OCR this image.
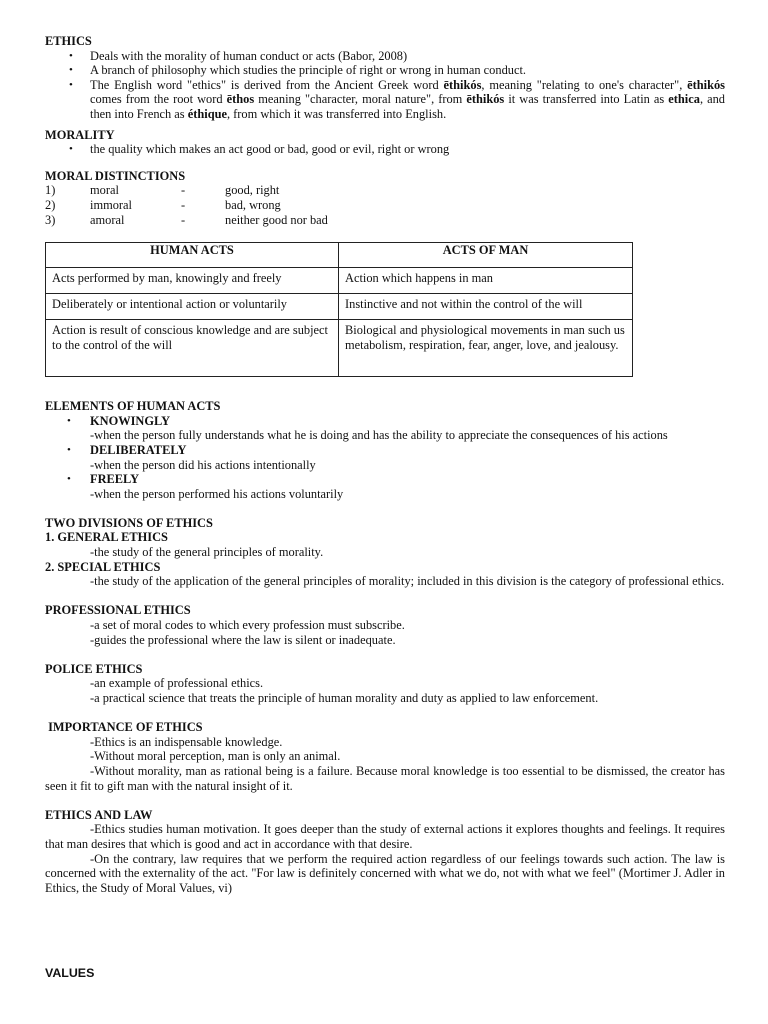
ETHICS
• Deals with the morality of human conduct or acts (Babor, 2008)
• A branch of philosophy which studies the principle of right or wrong in human conduct.
• The English word "ethics" is derived from the Ancient Greek word ēthikós, meaning "relating to one's character", ēthikós comes from the root word ēthos meaning "character, moral nature", from ēthikós it was transferred into Latin as ethica, and then into French as éthique, from which it was transferred into English.
MORALITY
• the quality which makes an act good or bad, good or evil, right or wrong
MORAL DISTINCTIONS
1)	moral	-	good, right
2)	immoral	-	bad, wrong
3)	amoral	-	neither good nor bad
HUMAN ACTS	ACTS OF MAN
Acts performed by man, knowingly and freely	Action which happens in man
Deliberately or intentional action or voluntarily	Instinctive and not within the control of the will
Action is result of conscious knowledge and are subject to the control of the will	Biological and physiological movements in man such us metabolism, respiration, fear, anger, love, and jealousy.
ELEMENTS OF HUMAN ACTS
• KNOWINGLY
-when the person fully understands what he is doing and has the ability to appreciate the consequences of his actions
• DELIBERATELY
-when the person did his actions intentionally
• FREELY
-when the person performed his actions voluntarily
TWO DIVISIONS OF ETHICS
1. GENERAL ETHICS
-the study of the general principles of morality.
2. SPECIAL ETHICS
-the study of the application of the general principles of morality; included in this division is the category of professional ethics.
PROFESSIONAL ETHICS
-a set of moral codes to which every profession must subscribe.
-guides the professional where the law is silent or inadequate.
POLICE ETHICS
-an example of professional ethics.
-a practical science that treats the principle of human morality and duty as applied to law enforcement.
IMPORTANCE OF ETHICS
-Ethics is an indispensable knowledge.
-Without moral perception, man is only an animal.
-Without morality, man as rational being is a failure. Because moral knowledge is too essential to be dismissed, the creator has seen it fit to gift man with the natural insight of it.
ETHICS AND LAW
-Ethics studies human motivation. It goes deeper than the study of external actions it explores thoughts and feelings. It requires that man desires that which is good and act in accordance with that desire.
-On the contrary, law requires that we perform the required action regardless of our feelings towards such action. The law is concerned with the externality of the act. "For law is definitely concerned with what we do, not with what we feel" (Mortimer J. Adler in Ethics, the Study of Moral Values, vi)
VALUES
